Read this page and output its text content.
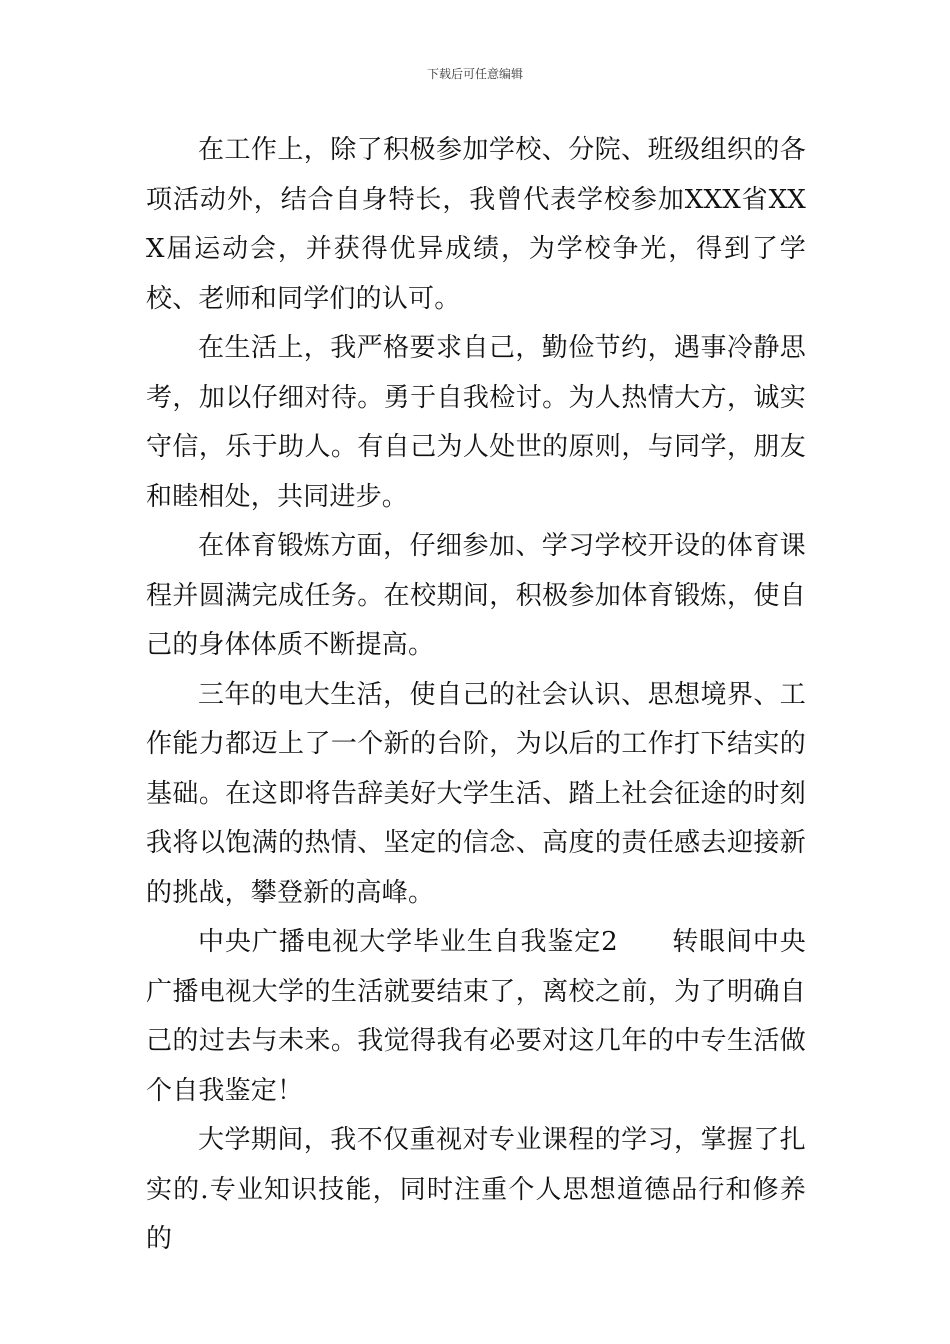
下载后可任意编辑

在工作上，除了积极参加学校、分院、班级组织的各项活动外，结合自身特长，我曾代表学校参加XXX省XXX届运动会，并获得优异成绩，为学校争光，得到了学校、老师和同学们的认可。

在生活上，我严格要求自己，勤俭节约，遇事冷静思考，加以仔细对待。勇于自我检讨。为人热情大方，诚实守信，乐于助人。有自己为人处世的原则，与同学，朋友和睦相处，共同进步。

在体育锻炼方面，仔细参加、学习学校开设的体育课程并圆满完成任务。在校期间，积极参加体育锻炼，使自己的身体体质不断提高。

三年的电大生活，使自己的社会认识、思想境界、工作能力都迈上了一个新的台阶，为以后的工作打下结实的基础。在这即将告辞美好大学生活、踏上社会征途的时刻我将以饱满的热情、坚定的信念、高度的责任感去迎接新的挑战，攀登新的高峰。

中央广播电视大学毕业生自我鉴定2　　转眼间中央广播电视大学的生活就要结束了，离校之前，为了明确自己的过去与未来。我觉得我有必要对这几年的中专生活做个自我鉴定！

大学期间，我不仅重视对专业课程的学习，掌握了扎实的.专业知识技能，同时注重个人思想道德品行和修养的
